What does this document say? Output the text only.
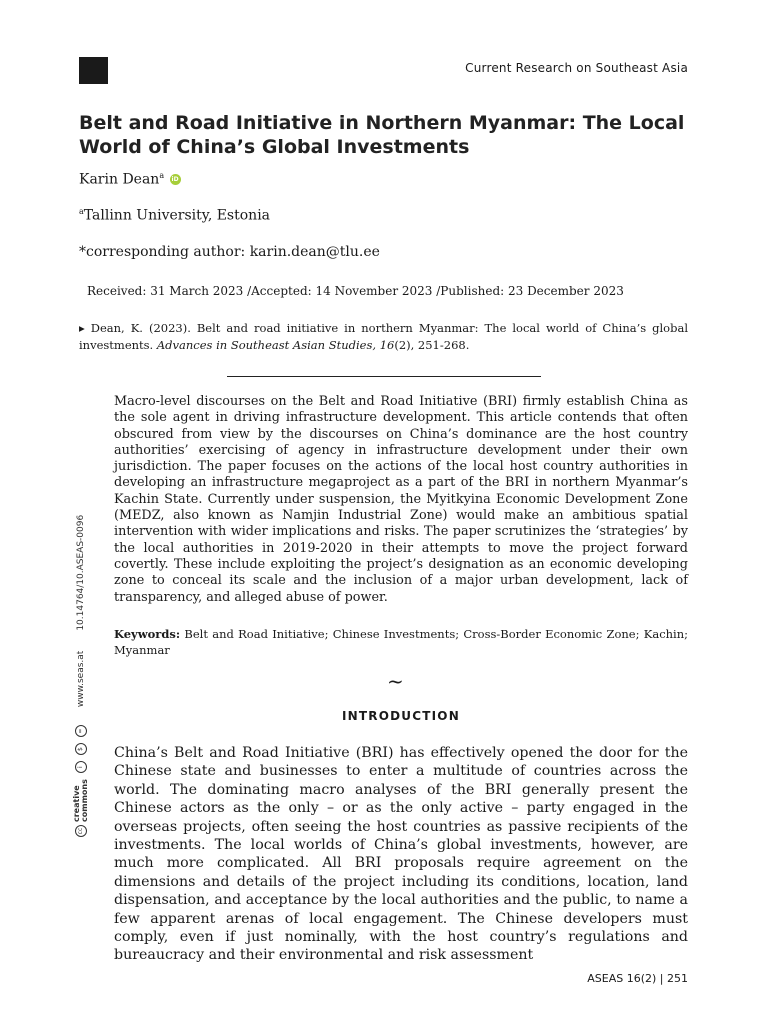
Current Research on Southeast Asia
Belt and Road Initiative in Northern Myanmar: The Local World of China’s Global Investments
Karin Dean$^a$ iD
$^a$Tallinn University, Estonia
*corresponding author: karin.dean@tlu.ee
Received: 31 March 2023 /Accepted: 14 November 2023 /Published: 23 December 2023

▸ Dean, K. (2023). Belt and road initiative in northern Myanmar: The local world of China’s global investments. Advances in Southeast Asian Studies, 16(2), 251-268.

Macro-level discourses on the Belt and Road Initiative (BRI) firmly establish China as the sole agent in driving infrastructure development. This article contends that often obscured from view by the discourses on China’s dominance are the host country authorities’ exercising of agency in infrastructure development under their own jurisdiction. The paper focuses on the actions of the local host country authorities in developing an infrastructure megaproject as a part of the BRI in northern Myanmar’s Kachin State. Currently under suspension, the Myitkyina Economic Development Zone (MEDZ, also known as Namjin Industrial Zone) would make an ambitious spatial intervention with wider implications and risks. The paper scrutinizes the ‘strategies’ by the local authorities in 2019-2020 in their attempts to move the project forward covertly. These include exploiting the project’s designation as an economic developing zone to conceal its scale and the inclusion of a major urban development, lack of transparency, and alleged abuse of power.

Keywords: Belt and Road Initiative; Chinese Investments; Cross-Border Economic Zone; Kachin; Myanmar

~
INTRODUCTION

China’s Belt and Road Initiative (BRI) has effectively opened the door for the Chinese state and businesses to enter a multitude of countries across the world. The dominating macro analyses of the BRI generally present the Chinese actors as the only – or as the only active – party engaged in the overseas projects, often seeing the host countries as passive recipients of the investments. The local worlds of China’s global investments, however, are much more complicated. All BRI proposals require agreement on the dimensions and details of the project including its conditions, location, land dispensation, and acceptance by the local authorities and the public, to name a few apparent arenas of local engagement. The Chinese developers must comply, even if just nominally, with the host country’s regulations and bureaucracy and their environmental and risk assessment

cc
creative
commons
i
$
=
www.seas.at
10.14764/10.ASEAS-0096
ASEAS 16(2) | 251
